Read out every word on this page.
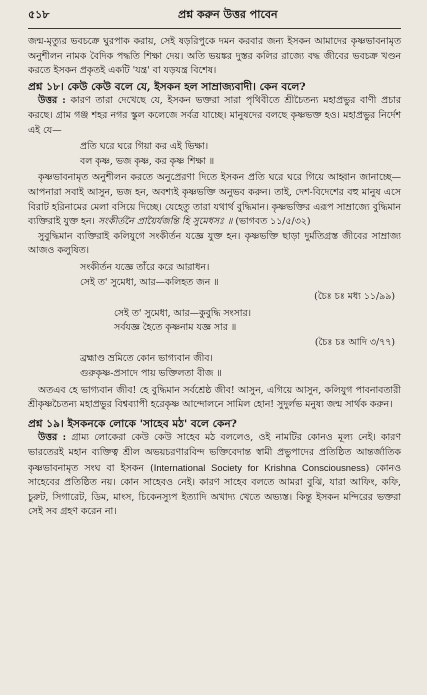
৫১৮	প্রশ্ন করুন উত্তর পাবেন

জন্ম-মৃত্যুর ভবচক্রে ঘুরপাক করায়, সেই ষড়রিপুকে দমন করবার জন্য ইসকন আমাদের কৃষ্ণভাবনামৃত অনুশীলন নামক বৈদিক পদ্ধতি শিক্ষা দেয়। অতি ভয়ঙ্কর দুস্তর কলির রাজ্যে বদ্ধ জীবের ভবচক্র খণ্ডন করতে ইসকন প্রকৃতই একটি 'যন্ত্র' বা যড়যন্ত্র বিশেষ।

প্রশ্ন ১৮। কেউ কেউ বলে যে, ইসকন হল সাম্রাজ্যবাদী। কেন বলে?

উত্তর : কারণ তারা দেখেছে যে, ইসকন ভক্তরা সারা পৃথিবীতে শ্রীচৈতন্য মহাপ্রভুর বাণী প্রচার করছে। গ্রাম গঞ্জ শহর নগর স্কুল কলেজে সর্বত্র যাচ্ছে। মানুষদের বলছে কৃষ্ণভক্ত হও। মহাপ্রভুর নির্দেশ এই যে—

প্রতি ঘরে ঘরে গিয়া কর এই ভিক্ষা।
বল কৃষ্ণ, ভজ কৃষ্ণ, কর কৃষ্ণ শিক্ষা ॥

কৃষ্ণভাবনামৃত অনুশীলন করতে অনুপ্রেরণা দিতে ইসকন প্রতি ঘরে ঘরে গিয়ে আহ্বান জানাচ্ছে—আপনারা সবাই আসুন, ভজ হন, অবশ্যই কৃষ্ণভক্তি অনুভব করুন। তাই, দেশ-বিদেশের বহু মানুষ এসে বিরাট হরিনামের মেলা বসিয়ে দিচ্ছে। যেহেতু তারা যথার্থ বুদ্ধিমান। কৃষ্ণভক্তির এরূপ সাম্রাজ্যে বুদ্ধিমান ব্যক্তিরাই যুক্ত হন। সংকীর্তনৈ প্রায়ৈর্যজন্তি হি সুমেধসঃ ॥ (ভাগবত ১১/৫/৩২)

সুবুদ্ধিমান ব্যক্তিরাই কলিযুগে সংকীর্তন যজ্ঞে যুক্ত হন। কৃষ্ণভক্তি ছাড়া দুর্মতিগ্রস্ত জীবের সাম্রাজ্য আজও কলুষিত।

সংকীর্তন যজ্ঞে তাঁরে করে আরাধন।
সেই ত' সুমেধা, আর—কলিহত জন ॥
(চৈঃ চঃ মধ্য ১১/৯৯)
সেই ত' সুমেধা, আর—কুবুদ্ধি সংসার।
সর্বযজ্ঞ হৈতে কৃষ্ণনাম যজ্ঞ সার ॥
(চৈঃ চঃ আদি ৩/৭৭)
ব্রহ্মাণ্ড ভ্রমিতে কোন ভাগ্যবান জীব।
গুরুকৃষ্ণ-প্রসাদে পায় ভক্তিলতা বীজ ॥

অতএব হে ভাগ্যবান জীব! হে বুদ্ধিমান সর্বশ্রেষ্ঠ জীব! আসুন, এগিয়ে আসুন, কলিযুগ পাবনাবতারী শ্রীকৃষ্ণচৈতন্য মহাপ্রভুর বিশ্বব্যাপী হরেকৃষ্ণ আন্দোলনে সামিল হোন! সুদুর্লভ মনুষ্য জন্ম সার্থক করুন।

প্রশ্ন ১৯। ইসকনকে লোকে 'সাহেব মঠ' বলে কেন?

উত্তর : গ্রাম্য লোকেরা কেউ কেউ সাহেব মঠ বললেও, ওই নামটির কোনও মূল্য নেই। কারণ ভারতেরই মহান ব্যক্তিত্ব শ্রীল অভয়চরণারবিন্দ ভক্তিবেদান্ত স্বামী প্রভুপাদের প্রতিষ্ঠিত আন্তর্জাতিক কৃষ্ণভাবনামৃত সংঘ বা ইসকন (International Society for Krishna Consciousness) কোনও সাহেবের প্রতিষ্ঠিত নয়। কোন সাহেবও নেই। কারণ সাহেব বলতে আমরা বুঝি, যারা আফিং, কফি, চুরুট, সিগারেট, ডিম, মাংস, চিকেনস্যুপ ইত্যাদি অখাদ্য খেতে অভ্যস্ত। কিন্তু ইসকন মন্দিরের ভক্তরা সেই সব গ্রহণ করেন না।
